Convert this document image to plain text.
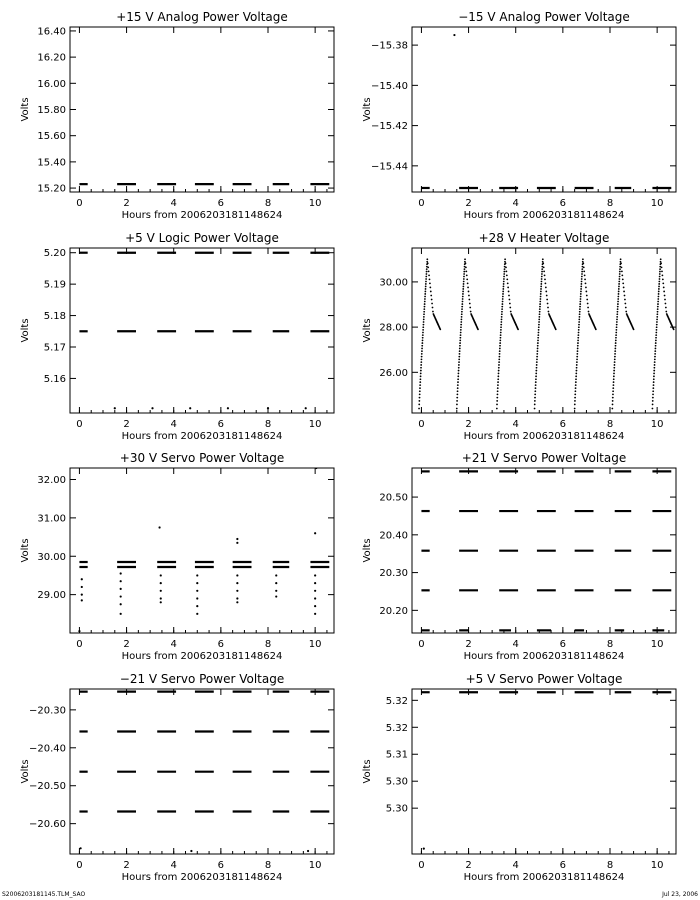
+15 V Analog Power Voltage
0	2	4	6	8	10
15.20
15.40
15.60
15.80
16.00
16.20
16.40
Hours from 2006203181148624
Volts
−15 V Analog Power Voltage
0	2	4	6	8	10
−15.38
−15.40
−15.42
−15.44
Hours from 2006203181148624
Volts
+5 V Logic Power Voltage
0	2	4	6	8	10
5.16
5.17
5.18
5.19
5.20
Hours from 2006203181148624
Volts
+28 V Heater Voltage
0	2	4	6	8	10
26.00
28.00
30.00
Hours from 2006203181148624
Volts
+30 V Servo Power Voltage
0	2	4	6	8	10
29.00
30.00
31.00
32.00
Hours from 2006203181148624
Volts
+21 V Servo Power Voltage
0	2	4	6	8	10
20.20
20.30
20.40
20.50
Hours from 2006203181148624
Volts
−21 V Servo Power Voltage
0	2	4	6	8	10
−20.30
−20.40
−20.50
−20.60
Hours from 2006203181148624
Volts
+5 V Servo Power Voltage
0	2	4	6	8	10
5.30
5.30
5.31
5.32
5.32
Hours from 2006203181148624
Volts
S2006203181145.TLM_SAO	Jul 23, 2006
